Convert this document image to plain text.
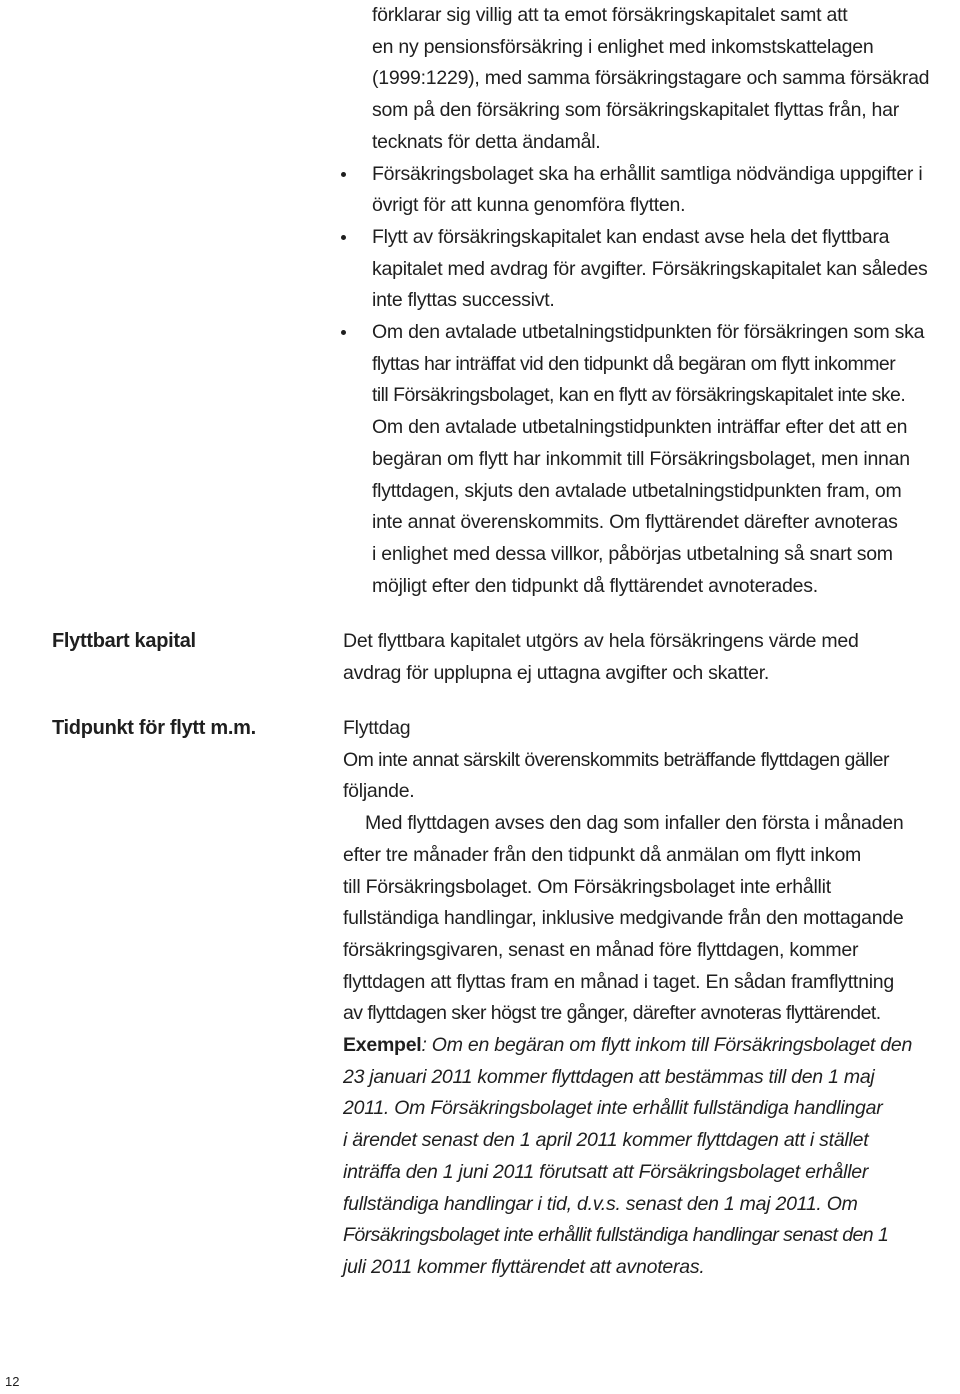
förklarar sig villig att ta emot försäkringskapitalet samt att
en ny pensionsförsäkring i enlighet med inkomstskattelagen
(1999:1229), med samma försäkringstagare och samma försäkrad
som på den försäkring som försäkringskapitalet flyttas från, har
tecknats för detta ändamål.
Försäkringsbolaget ska ha erhållit samtliga nödvändiga uppgifter i
övrigt för att kunna genomföra flytten.
Flytt av försäkringskapitalet kan endast avse hela det flyttbara
kapitalet med avdrag för avgifter. Försäkringskapitalet kan således
inte flyttas successivt.
Om den avtalade utbetalningstidpunkten för försäkringen som ska
flyttas har inträffat vid den tidpunkt då begäran om flytt inkommer
till Försäkringsbolaget, kan en flytt av försäkringskapitalet inte ske.
Om den avtalade utbetalningstidpunkten inträffar efter det att en
begäran om flytt har inkommit till Försäkringsbolaget, men innan
flyttdagen, skjuts den avtalade utbetalningstidpunkten fram, om
inte annat överenskommits. Om flyttärendet därefter avnoteras
i enlighet med dessa villkor, påbörjas utbetalning så snart som
möjligt efter den tidpunkt då flyttärendet avnoterades.
Flyttbart kapital	Det flyttbara kapitalet utgörs av hela försäkringens värde med
avdrag för upplupna ej uttagna avgifter och skatter.
Tidpunkt för flytt m.m.	Flyttdag
Om inte annat särskilt överenskommits beträffande flyttdagen gäller
följande.
Med flyttdagen avses den dag som infaller den första i månaden
efter tre månader från den tidpunkt då anmälan om flytt inkom
till Försäkringsbolaget. Om Försäkringsbolaget inte erhållit
fullständiga handlingar, inklusive medgivande från den mottagande
försäkringsgivaren, senast en månad före flyttdagen, kommer
flyttdagen att flyttas fram en månad i taget. En sådan framflyttning
av flyttdagen sker högst tre gånger, därefter avnoteras flyttärendet.
Exempel: Om en begäran om flytt inkom till Försäkringsbolaget den
23 januari 2011 kommer flyttdagen att bestämmas till den 1 maj
2011. Om Försäkringsbolaget inte erhållit fullständiga handlingar
i ärendet senast den 1 april 2011 kommer flyttdagen att i stället
inträffa den 1 juni 2011 förutsatt att Försäkringsbolaget erhåller
fullständiga handlingar i tid, d.v.s. senast den 1 maj 2011. Om
Försäkringsbolaget inte erhållit fullständiga handlingar senast den 1
juli 2011 kommer flyttärendet att avnoteras.
12
